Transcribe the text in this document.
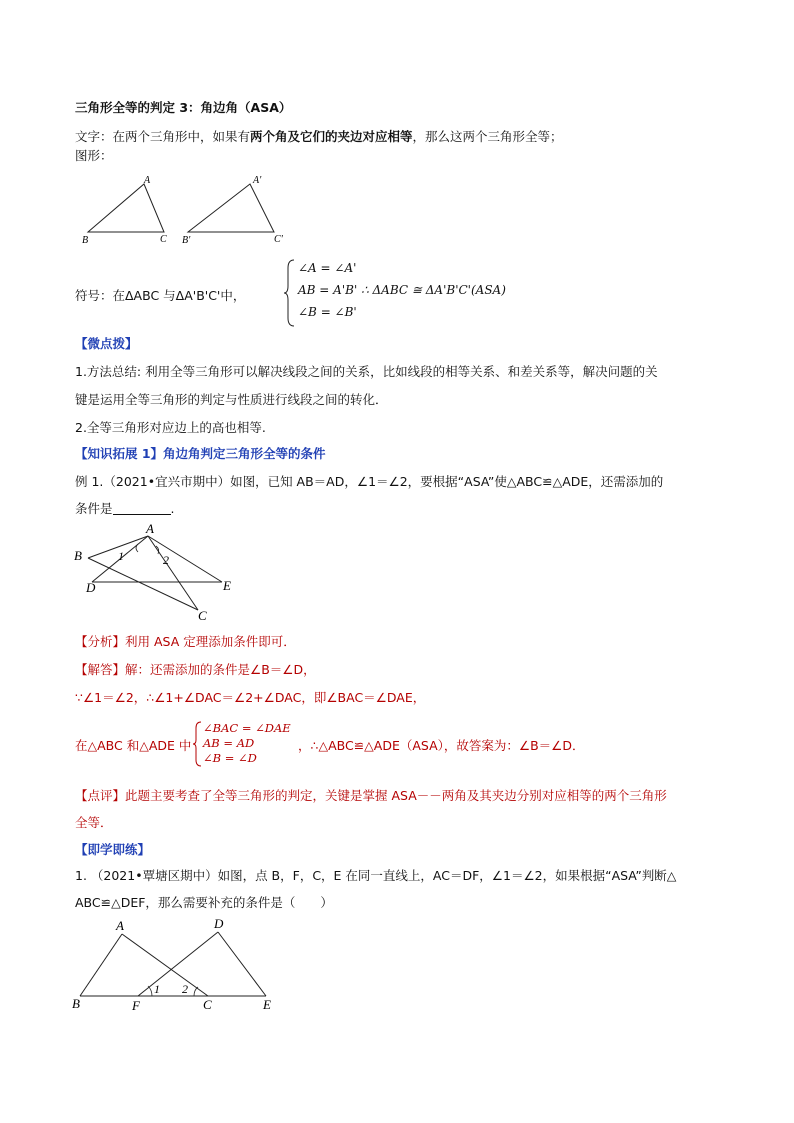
三角形全等的判定 3：角边角（ASA）
文字：在两个三角形中，如果有两个角及它们的夹边对应相等，那么这两个三角形全等；
图形：
A
B	C
A'
B'	C'
符号：在ΔABC 与ΔA'B'C'中，
∠A = ∠A'
AB = A'B' ∴ ΔABC ≅ ΔA'B'C'(ASA)
∠B = ∠B'
【微点拨】
1.方法总结: 利用全等三角形可以解决线段之间的关系，比如线段的相等关系、和差关系等，解决问题的关
键是运用全等三角形的判定与性质进行线段之间的转化．
2.全等三角形对应边上的高也相等.
【知识拓展 1】角边角判定三角形全等的条件
例 1.（2021•宜兴市期中）如图，已知 AB＝AD，∠1＝∠2，要根据“ASA”使△ABC≌△ADE，还需添加的
条件是	.
A
B
C
D	E
1	2
【分析】利用 ASA 定理添加条件即可．
【解答】解：还需添加的条件是∠B＝∠D，
∵∠1＝∠2，∴∠1+∠DAC＝∠2+∠DAC，即∠BAC＝∠DAE，
在△ABC 和△ADE 中
∠BAC = ∠DAE
AB = AD
∠B = ∠D
，∴△ABC≌△ADE（ASA），故答案为：∠B＝∠D．
【点评】此题主要考查了全等三角形的判定，关键是掌握 ASA－－两角及其夹边分别对应相等的两个三角形
全等．
【即学即练】
1. （2021•覃塘区期中）如图，点 B，F，C，E 在同一直线上，AC＝DF，∠1＝∠2，如果根据“ASA”判断△
ABC≌△DEF，那么需要补充的条件是（　　）
A
B	C
D
E
F
1 2
